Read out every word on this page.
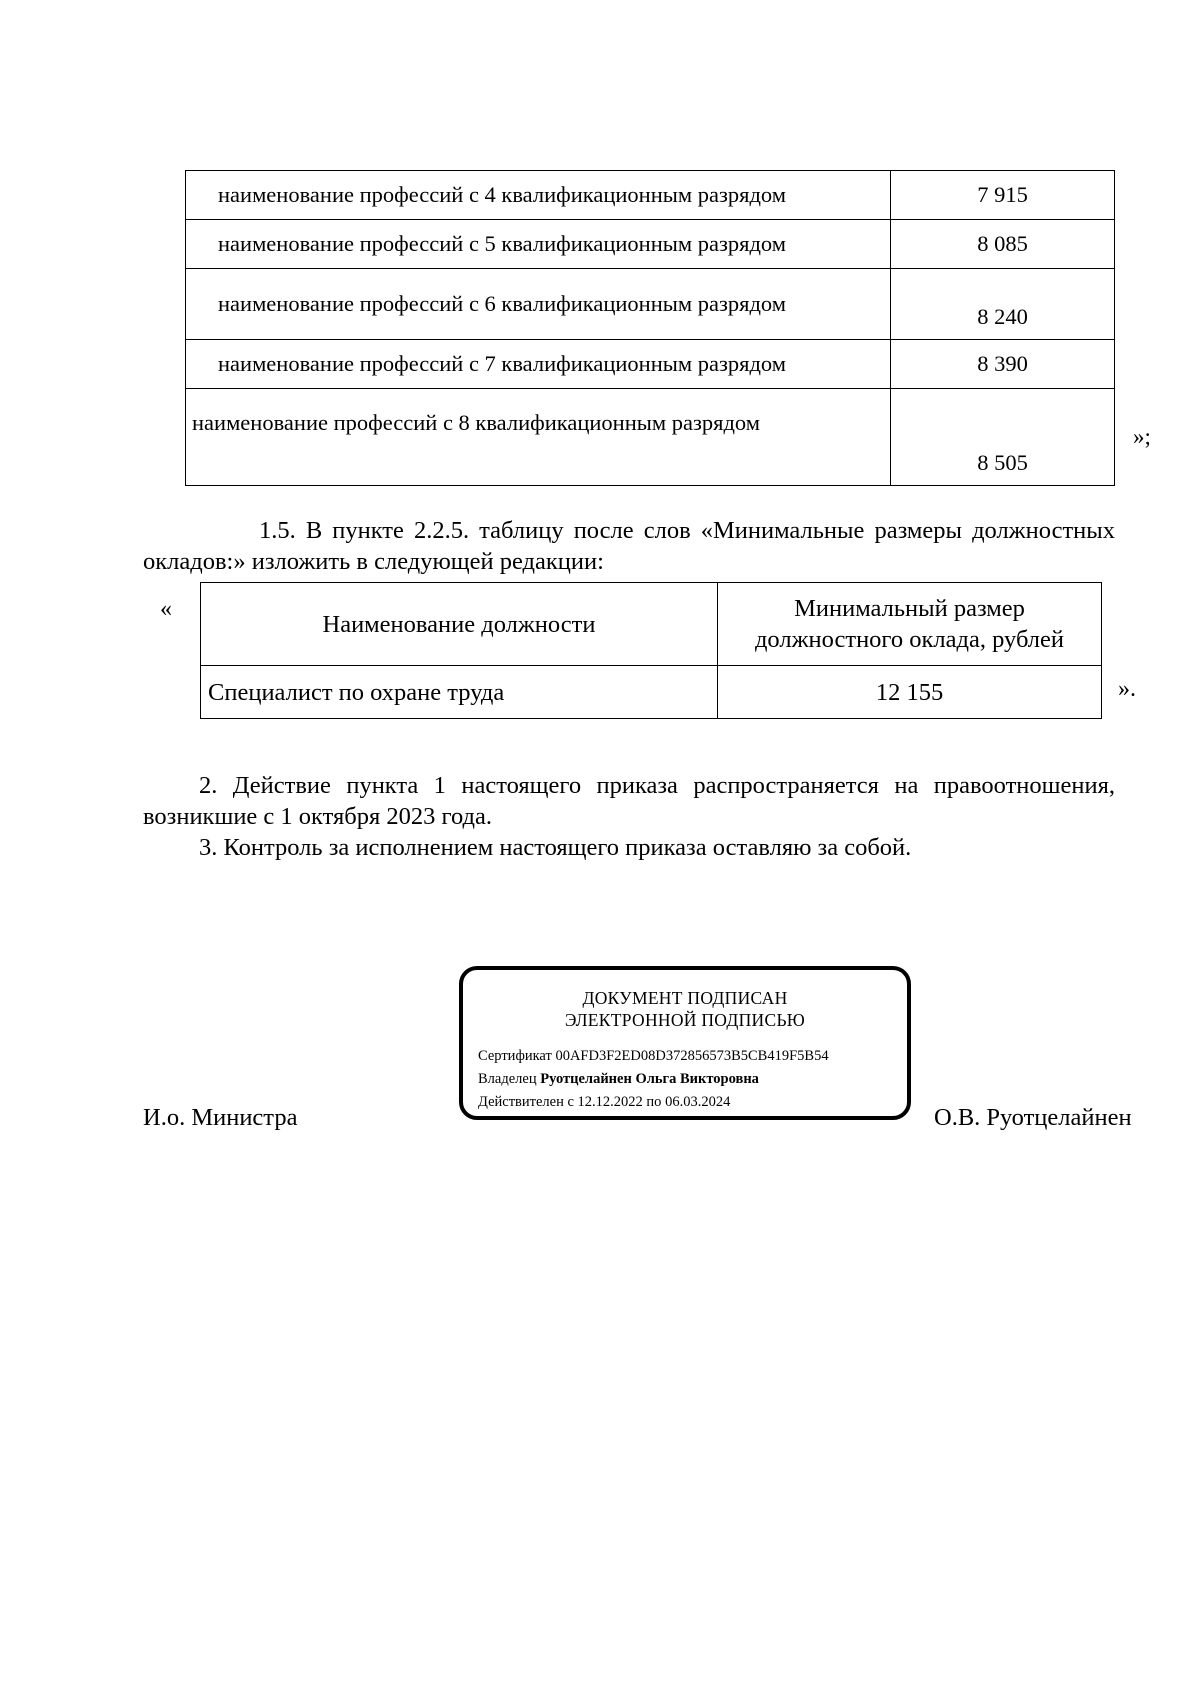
наименование профессий с 4 квалификационным разрядом	7 915
наименование профессий с 5 квалификационным разрядом	8 085
наименование профессий с 6 квалификационным разрядом	8 240
наименование профессий с 7 квалификационным разрядом	8 390
наименование профессий с 8 квалификационным разрядом	8 505
»;

1.5. В пункте 2.2.5. таблицу после слов «Минимальные размеры должностных окладов:» изложить в следующей редакции:

«
Наименование должности	Минимальный размер должностного оклада, рублей
Специалист по охране труда	12 155	».

2. Действие пункта 1 настоящего приказа распространяется на правоотношения, возникшие с 1 октября 2023 года.

3. Контроль за исполнением настоящего приказа оставляю за собой.

ДОКУМЕНТ ПОДПИСАН
ЭЛЕКТРОННОЙ ПОДПИСЬЮ
Сертификат 00AFD3F2ED08D372856573B5CB419F5B54
Владелец Руотцелайнен Ольга Викторовна
Действителен с 12.12.2022 по 06.03.2024
И.о. Министра	О.В. Руотцелайнен
